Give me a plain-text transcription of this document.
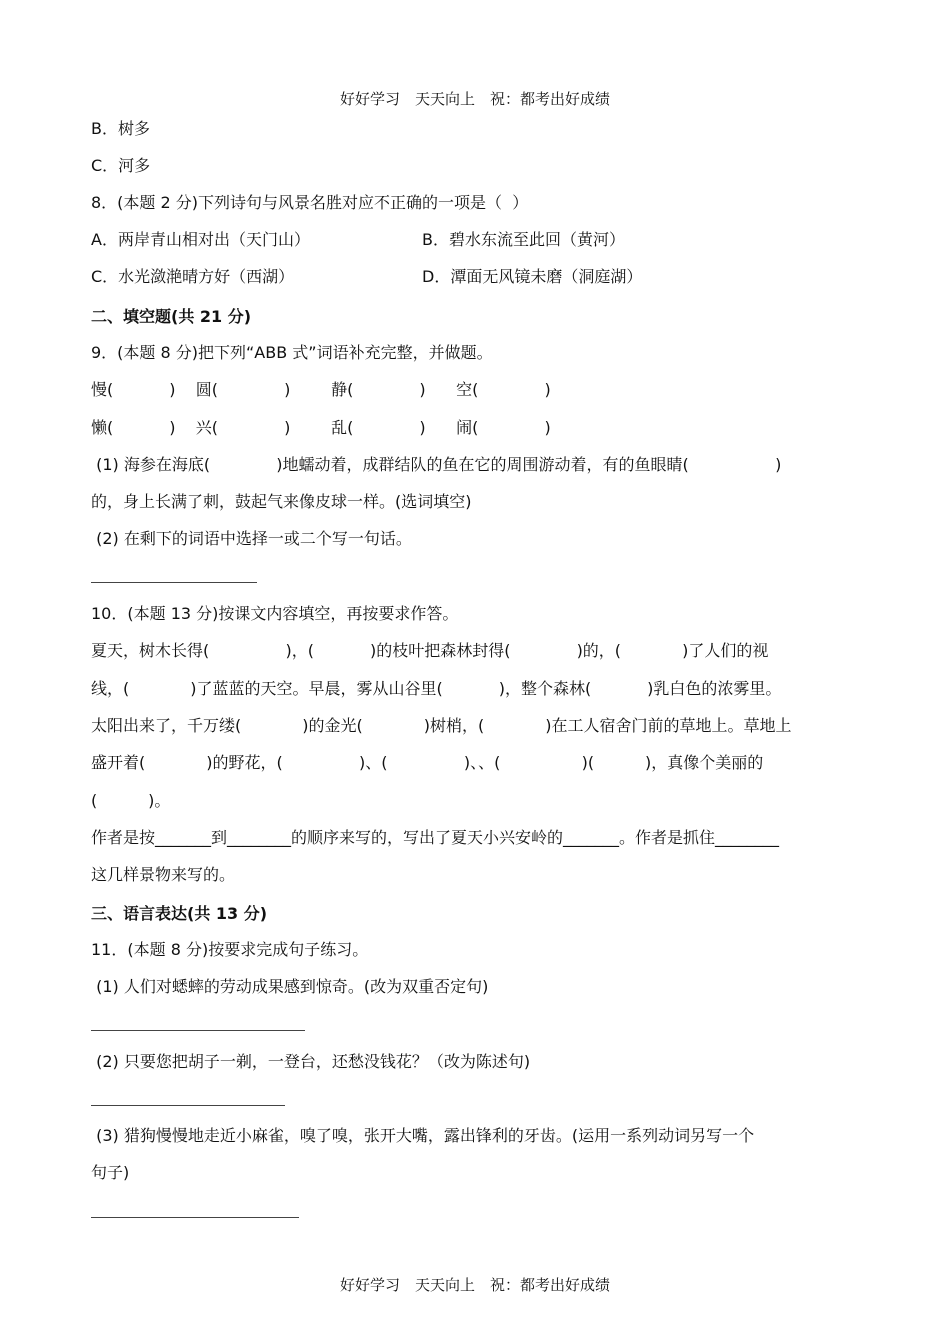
好好学习　天天向上　祝：都考出好成绩
B．树多
C．河多
8．(本题 2 分)下列诗句与风景名胜对应不正确的一项是（  ）
A．两岸青山相对出（天门山）	B．碧水东流至此回（黄河）
C．水光潋滟晴方好（西湖）	D．潭面无风镜未磨（洞庭湖）
二、填空题(共 21 分)
9．(本题 8 分)把下列“ABB 式”词语补充完整，并做题。
慢(           )    圆(             )        静(             )      空(             )
懒(           )    兴(             )        乱(             )      闹(             )
(1) 海参在海底(             )地蠕动着，成群结队的鱼在它的周围游动着，有的鱼眼睛(                 )
的，身上长满了刺，鼓起气来像皮球一样。(选词填空)
(2) 在剩下的词语中选择一或二个写一句话。
10．(本题 13 分)按课文内容填空，再按要求作答。
夏天，树木长得(               )，(           )的枝叶把森林封得(             )的，(            )了人们的视
线，(            )了蓝蓝的天空。早晨，雾从山谷里(           )，整个森林(           )乳白色的浓雾里。
太阳出来了，千万缕(            )的金光(            )树梢，(            )在工人宿舍门前的草地上。草地上
盛开着(            )的野花，(               )、(               )、、(                )(          )，真像个美丽的
(          )。
作者是按_______到________的顺序来写的，写出了夏天小兴安岭的_______。作者是抓住________
这几样景物来写的。
三、语言表达(共 13 分)
11．(本题 8 分)按要求完成句子练习。
(1) 人们对蟋蟀的劳动成果感到惊奇。(改为双重否定句)
(2) 只要您把胡子一剃，一登台，还愁没钱花？（改为陈述句)
(3) 猎狗慢慢地走近小麻雀，嗅了嗅，张开大嘴，露出锋利的牙齿。(运用一系列动词另写一个
句子)
好好学习　天天向上　祝：都考出好成绩
